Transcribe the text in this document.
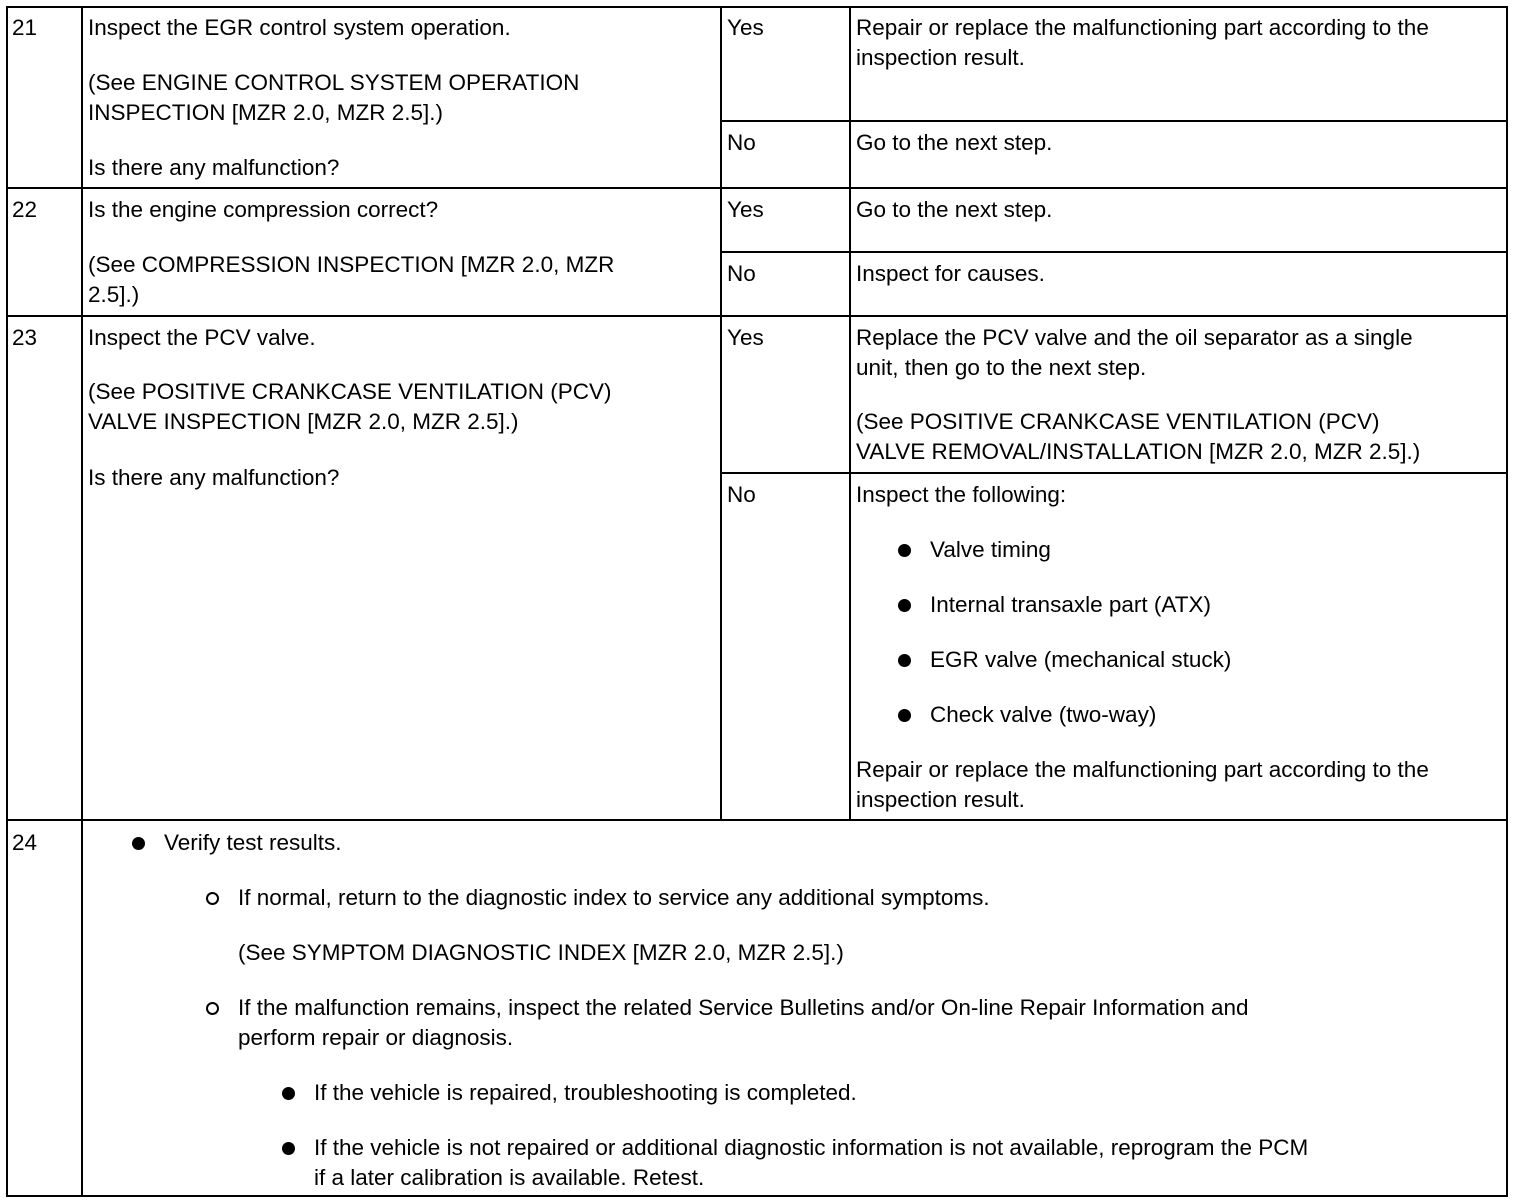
21 Inspect the EGR control system operation.
(See ENGINE CONTROL SYSTEM OPERATION
INSPECTION [MZR 2.0, MZR 2.5].)
Is there any malfunction?
Yes	Repair or replace the malfunctioning part according to the
inspection result.
No	Go to the next step.
22 Is the engine compression correct?
(See COMPRESSION INSPECTION [MZR 2.0, MZR
2.5].)
Yes	Go to the next step.
No	Inspect for causes.
23 Inspect the PCV valve.
(See POSITIVE CRANKCASE VENTILATION (PCV)
VALVE INSPECTION [MZR 2.0, MZR 2.5].)
Is there any malfunction?
Yes	Replace the PCV valve and the oil separator as a single
unit, then go to the next step.
(See POSITIVE CRANKCASE VENTILATION (PCV)
VALVE REMOVAL/INSTALLATION [MZR 2.0, MZR 2.5].)
No	Inspect the following:
Valve timing
Internal transaxle part (ATX)
EGR valve (mechanical stuck)
Check valve (two-way)
Repair or replace the malfunctioning part according to the
inspection result.
24	Verify test results.
If normal, return to the diagnostic index to service any additional symptoms.
(See SYMPTOM DIAGNOSTIC INDEX [MZR 2.0, MZR 2.5].)
If the malfunction remains, inspect the related Service Bulletins and/or On-line Repair Information and
perform repair or diagnosis.
If the vehicle is repaired, troubleshooting is completed.
If the vehicle is not repaired or additional diagnostic information is not available, reprogram the PCM
if a later calibration is available. Retest.
